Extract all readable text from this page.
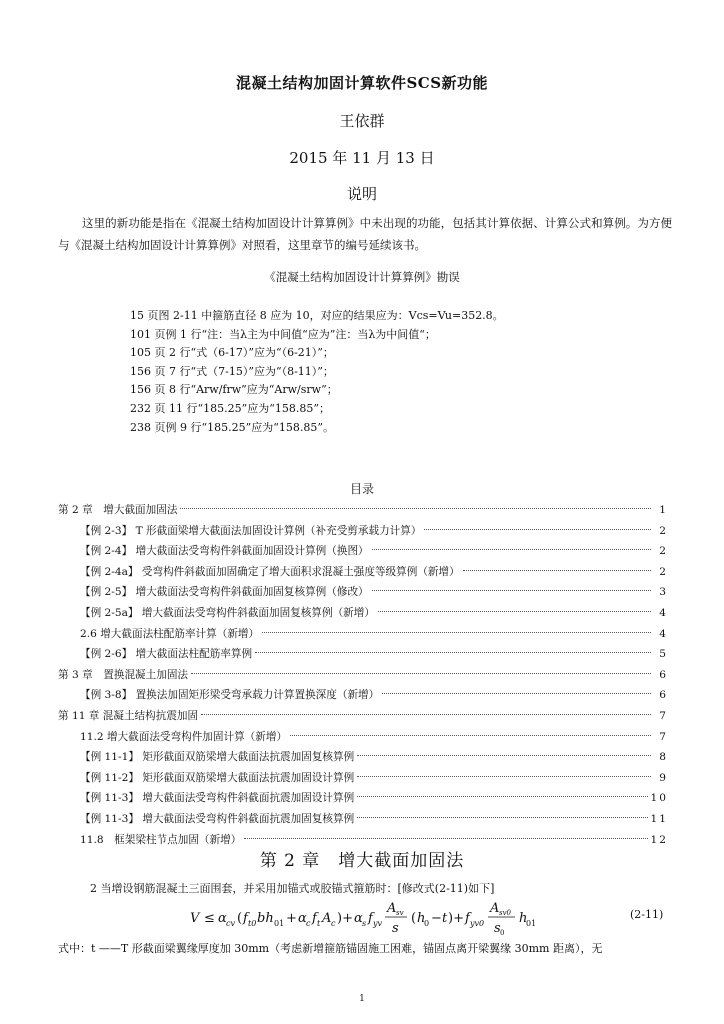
混凝土结构加固计算软件SCS新功能
王依群
2015 年 11 月 13 日
说明
这里的新功能是指在《混凝土结构加固设计计算算例》中未出现的功能，包括其计算依据、计算公式和算例。为方便与《混凝土结构加固设计计算算例》对照看，这里章节的编号延续该书。
《混凝土结构加固设计计算算例》勘误
15 页图 2-11 中箍筋直径 8 应为 10，对应的结果应为：Vcs=Vu=352.8。
101 页例 1 行“注：当λ主为中间值“应为”注：当λ为中间值“；
105 页 2 行“式（6-17）”应为“（6-21）”；
156 页 7 行“式（7-15）”应为“（8-11）”；
156 页 8 行“Arw/frw”应为“Arw/srw”；
232 页 11 行“185.25”应为“158.85”；
238 页例 9 行“185.25”应为“158.85”。
目录
第 2 章　增大截面加固法	1
【例 2-3】 T 形截面梁增大截面法加固设计算例（补充受剪承载力计算）	2
【例 2-4】 增大截面法受弯构件斜截面加固设计算例（换图）	2
【例 2-4a】 受弯构件斜截面加固确定了增大面积求混凝土强度等级算例（新增）	2
【例 2-5】 增大截面法受弯构件斜截面加固复核算例（修改）	3
【例 2-5a】 增大截面法受弯构件斜截面加固复核算例（新增）	4
2.6 增大截面法柱配筋率计算（新增）	4
【例 2-6】 增大截面法柱配筋率算例	5
第 3 章　置换混凝土加固法	6
【例 3-8】 置换法加固矩形梁受弯承载力计算置换深度（新增）	6
第 11 章 混凝土结构抗震加固	7
11.2 增大截面法受弯构件加固计算（新增）	7
【例 11-1】 矩形截面双筋梁增大截面法抗震加固复核算例	8
【例 11-2】 矩形截面双筋梁增大截面法抗震加固设计算例	9
【例 11-3】 增大截面法受弯构件斜截面抗震加固设计算例	10
【例 11-3】 增大截面法受弯构件斜截面抗震加固复核算例	11
11.8　框架梁柱节点加固（新增）	12
第 2 章　增大截面加固法
2 当增设钢筋混凝土三面围套，并采用加锚式或胶锚式箍筋时：[修改式(2-11)如下]
V ≤ α cv ( f t0 bh 01 + α c f t A c )+ α s f yv
A sv
s
( h
0 − t )+ f yv0
A sv0
s 0
h
01
(2-11)
式中：t ——T 形截面梁翼缘厚度加 30mm（考虑新增箍筋锚固施工困难，锚固点离开梁翼缘 30mm 距离），无
1
